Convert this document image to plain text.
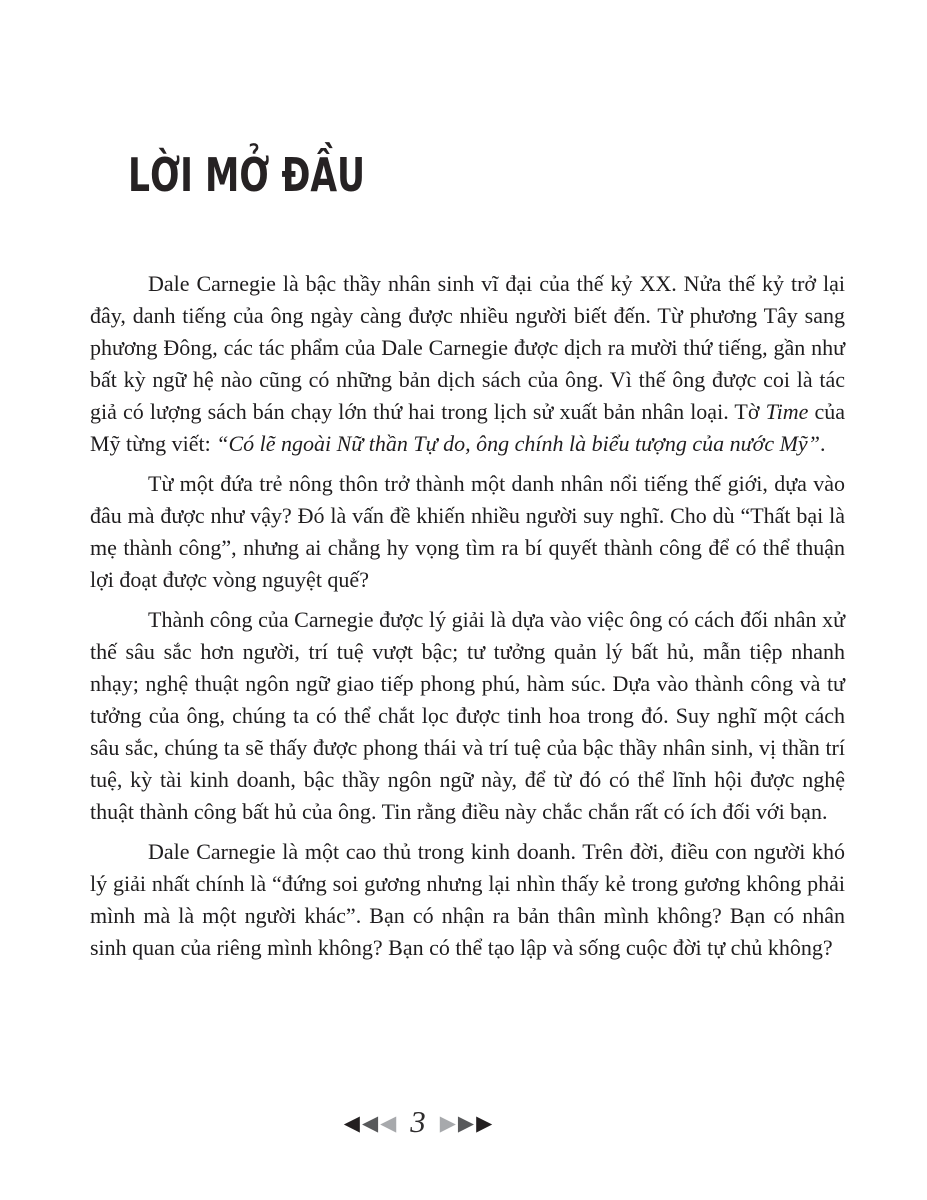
LỜI MỞ ĐẦU

Dale Carnegie là bậc thầy nhân sinh vĩ đại của thế kỷ XX. Nửa thế kỷ trở lại đây, danh tiếng của ông ngày càng được nhiều người biết đến. Từ phương Tây sang phương Đông, các tác phẩm của Dale Carnegie được dịch ra mười thứ tiếng, gần như bất kỳ ngữ hệ nào cũng có những bản dịch sách của ông. Vì thế ông được coi là tác giả có lượng sách bán chạy lớn thứ hai trong lịch sử xuất bản nhân loại. Tờ Time của Mỹ từng viết: “Có lẽ ngoài Nữ thần Tự do, ông chính là biểu tượng của nước Mỹ”.

Từ một đứa trẻ nông thôn trở thành một danh nhân nổi tiếng thế giới, dựa vào đâu mà được như vậy? Đó là vấn đề khiến nhiều người suy nghĩ. Cho dù “Thất bại là mẹ thành công”, nhưng ai chẳng hy vọng tìm ra bí quyết thành công để có thể thuận lợi đoạt được vòng nguyệt quế?

Thành công của Carnegie được lý giải là dựa vào việc ông có cách đối nhân xử thế sâu sắc hơn người, trí tuệ vượt bậc; tư tưởng quản lý bất hủ, mẫn tiệp nhanh nhạy; nghệ thuật ngôn ngữ giao tiếp phong phú, hàm súc. Dựa vào thành công và tư tưởng của ông, chúng ta có thể chắt lọc được tinh hoa trong đó. Suy nghĩ một cách sâu sắc, chúng ta sẽ thấy được phong thái và trí tuệ của bậc thầy nhân sinh, vị thần trí tuệ, kỳ tài kinh doanh, bậc thầy ngôn ngữ này, để từ đó có thể lĩnh hội được nghệ thuật thành công bất hủ của ông. Tin rằng điều này chắc chắn rất có ích đối với bạn.

Dale Carnegie là một cao thủ trong kinh doanh. Trên đời, điều con người khó lý giải nhất chính là “đứng soi gương nhưng lại nhìn thấy kẻ trong gương không phải mình mà là một người khác”. Bạn có nhận ra bản thân mình không? Bạn có nhân sinh quan của riêng mình không? Bạn có thể tạo lập và sống cuộc đời tự chủ không?

◀◀◀ 3 ▶▶▶
